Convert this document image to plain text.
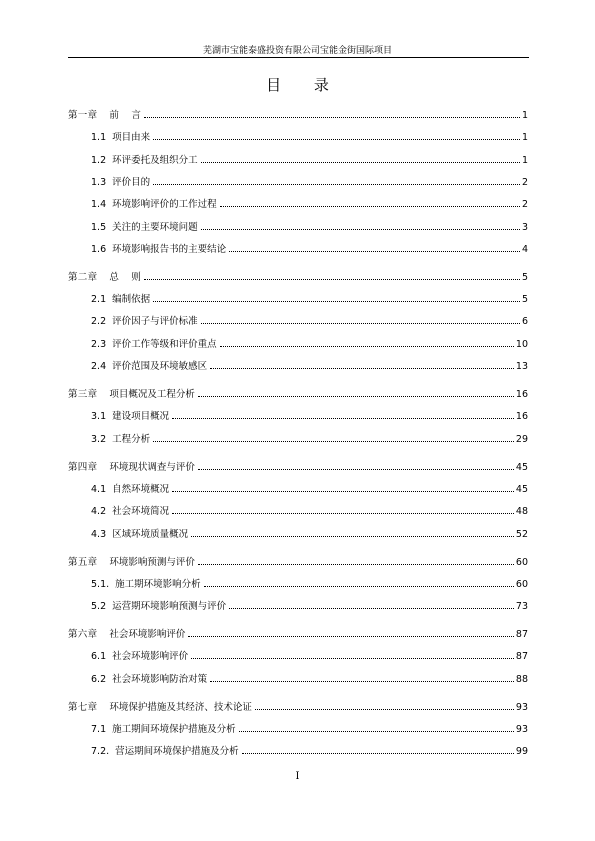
芜湖市宝能泰盛投资有限公司宝能金街国际项目
目 录
第一章 前　 言	1
1.1 项目由来	1
1.2 环评委托及组织分工	1
1.3 评价目的	2
1.4 环境影响评价的工作过程	2
1.5 关注的主要环境问题	3
1.6 环境影响报告书的主要结论	4
第二章 总　 则	5
2.1 编制依据	5
2.2 评价因子与评价标准	6
2.3 评价工作等级和评价重点	10
2.4 评价范围及环境敏感区	13
第三章 项目概况及工程分析	16
3.1 建设项目概况	16
3.2 工程分析	29
第四章 环境现状调查与评价	45
4.1 自然环境概况	45
4.2 社会环境简况	48
4.3 区域环境质量概况	52
第五章 环境影响预测与评价	60
5.1. 施工期环境影响分析	60
5.2 运营期环境影响预测与评价	73
第六章 社会环境影响评价	87
6.1 社会环境影响评价	87
6.2 社会环境影响防治对策	88
第七章 环境保护措施及其经济、技术论证	93
7.1 施工期间环境保护措施及分析	93
7.2. 营运期间环境保护措施及分析	99
I
